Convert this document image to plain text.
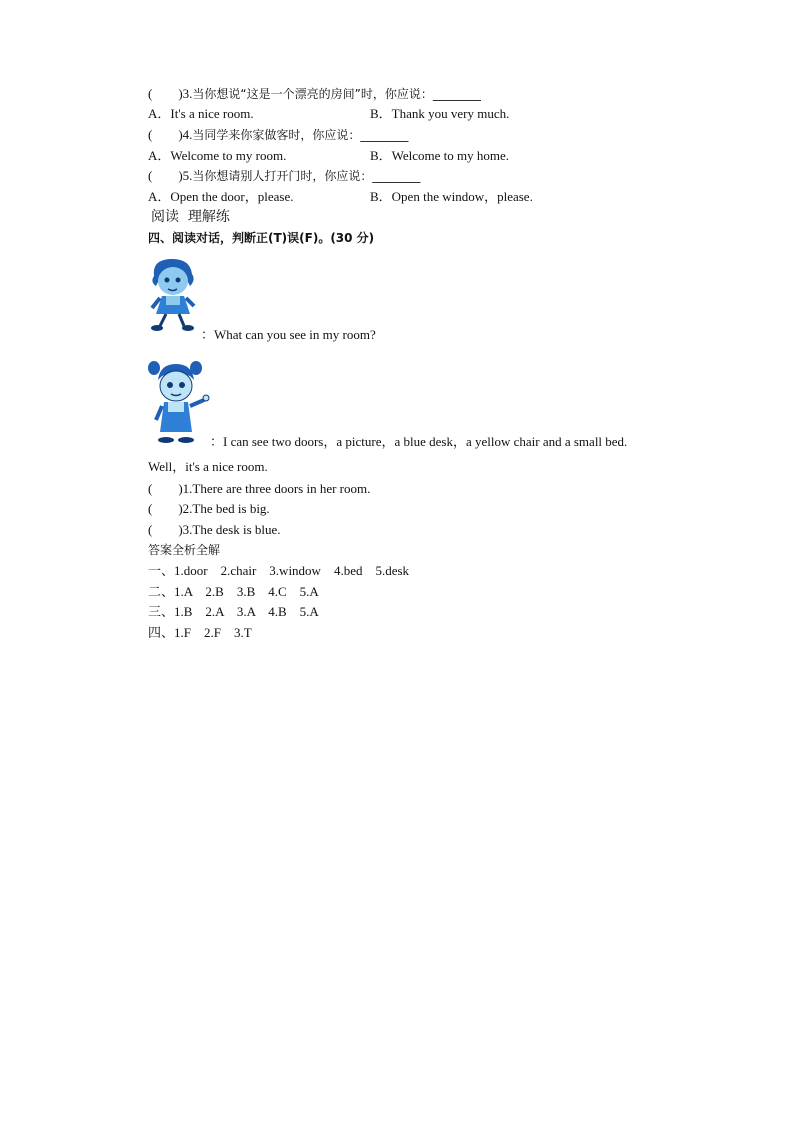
(        )3.当你想说“这是一个漂亮的房间”时，你应说：________
A．It's a nice room.	B．Thank you very much.
(        )4.当同学来你家做客时，你应说：________
A．Welcome to my room.	B．Welcome to my home.
(        )5.当你想请别人打开门时，你应说：________
A．Open the door，please.	B．Open the window，please.
阅读  理解练
四、阅读对话，判断正(T)误(F)。(30 分)
：What can you see in my room?
：I can see two doors，a picture，a blue desk，a yellow chair and a small bed.
Well，it's a nice room.
(        )1.There are three doors in her room.
(        )2.The bed is big.
(        )3.The desk is blue.
答案全析全解
一、1.door    2.chair    3.window    4.bed    5.desk
二、1.A    2.B    3.B    4.C    5.A
三、1.B    2.A    3.A    4.B    5.A
四、1.F    2.F    3.T
